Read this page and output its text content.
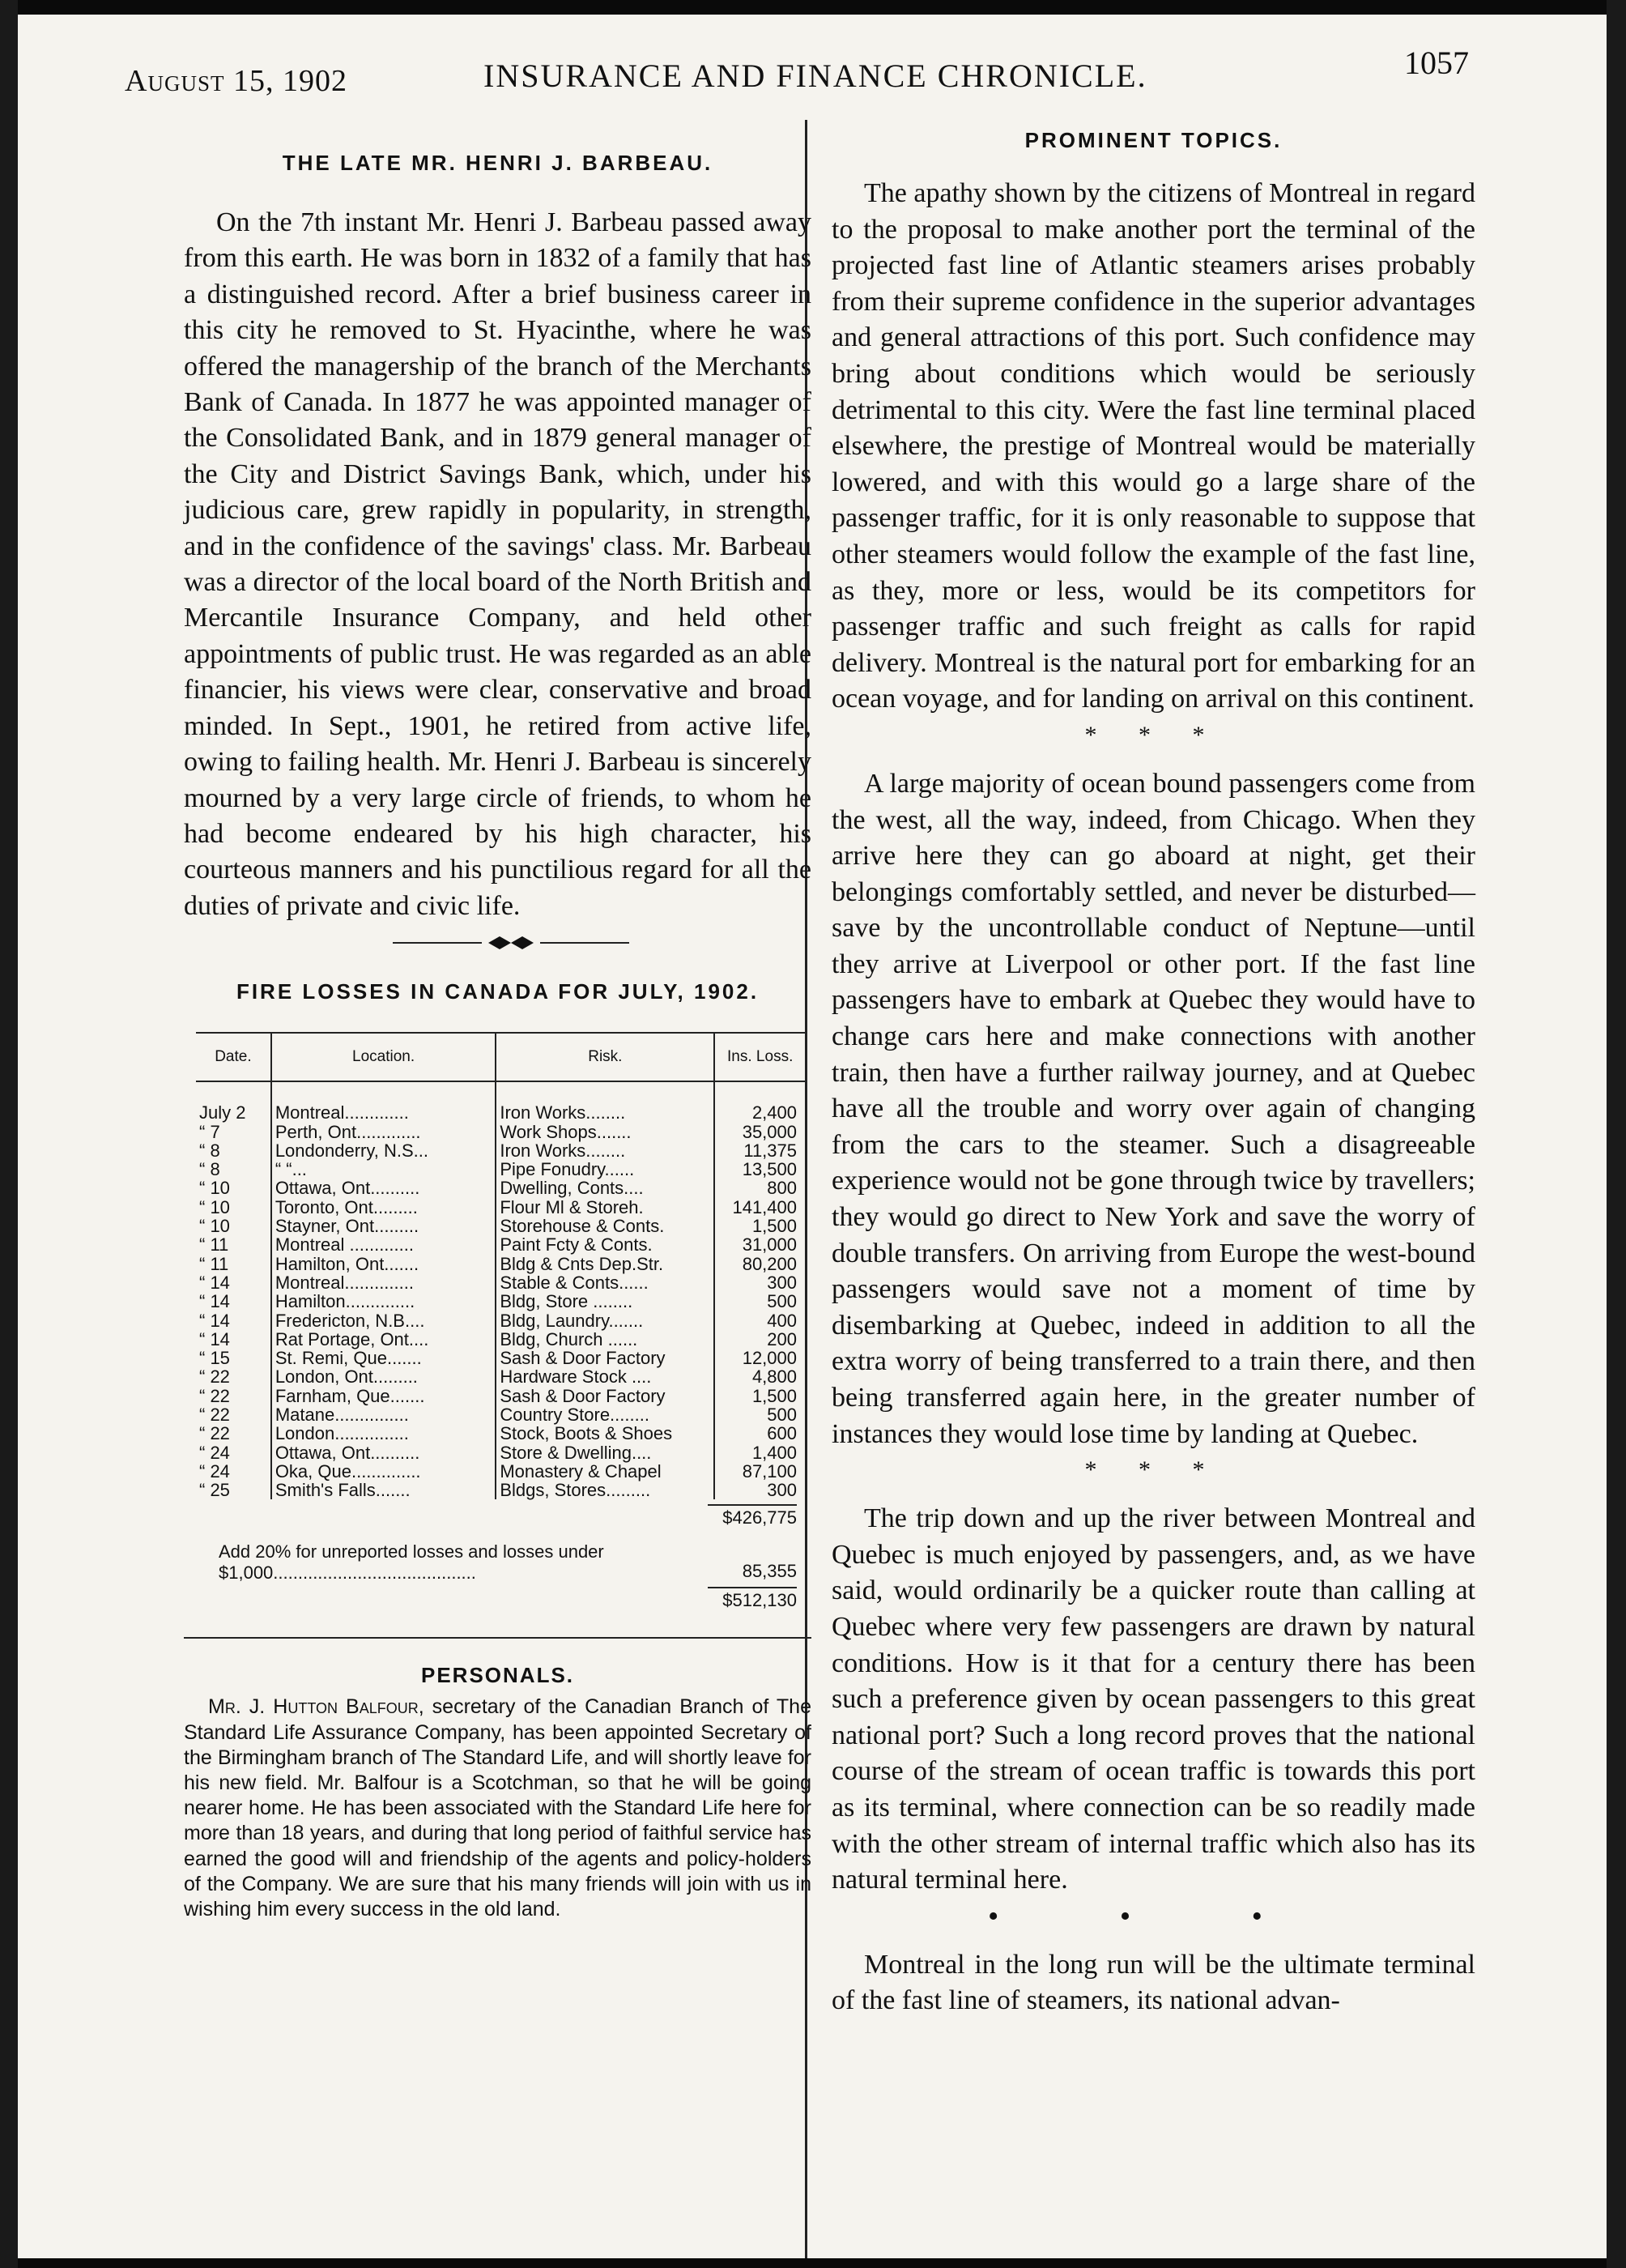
August 15, 1902	INSURANCE AND FINANCE CHRONICLE.	1057
THE LATE MR. HENRI J. BARBEAU.

On the 7th instant Mr. Henri J. Barbeau passed away from this earth. He was born in 1832 of a family that has a distinguished record. After a brief business career in this city he removed to St. Hyacinthe, where he was offered the managership of the branch of the Merchants Bank of Canada. In 1877 he was appointed manager of the Consolidated Bank, and in 1879 general manager of the City and District Savings Bank, which, under his judicious care, grew rapidly in popularity, in strength, and in the confidence of the savings' class. Mr. Barbeau was a director of the local board of the North British and Mercantile Insurance Company, and held other appointments of public trust. He was regarded as an able financier, his views were clear, conservative and broad minded. In Sept., 1901, he retired from active life, owing to failing health. Mr. Henri J. Barbeau is sincerely mourned by a very large circle of friends, to whom he had become endeared by his high character, his courteous manners and his punctilious regard for all the duties of private and civic life.

FIRE LOSSES IN CANADA FOR JULY, 1902.
Date.	Location.	Risk.	Ins. Loss.

July 2	Montreal.............	Iron Works........	2,400
“ 7	Perth, Ont.............	Work Shops.......	35,000
“ 8	Londonderry, N.S...	Iron Works........	11,375
“ 8	“ “...	Pipe Fonudry......	13,500
“ 10	Ottawa, Ont..........	Dwelling, Conts....	800
“ 10	Toronto, Ont.........	Flour Ml & Storeh.	141,400
“ 10	Stayner, Ont.........	Storehouse & Conts.	1,500
“ 11	Montreal .............	Paint Fcty & Conts.	31,000
“ 11	Hamilton, Ont.......	Bldg & Cnts Dep.Str.	80,200
“ 14	Montreal..............	Stable & Conts......	300
“ 14	Hamilton..............	Bldg, Store ........	500
“ 14	Fredericton, N.B....	Bldg, Laundry.......	400
“ 14	Rat Portage, Ont....	Bldg, Church ......	200
“ 15	St. Remi, Que.......	Sash & Door Factory	12,000
“ 22	London, Ont.........	Hardware Stock ....	4,800
“ 22	Farnham, Que.......	Sash & Door Factory	1,500
“ 22	Matane...............	Country Store........	500
“ 22	London...............	Stock, Boots & Shoes	600
“ 24	Ottawa, Ont..........	Store & Dwelling....	1,400
“ 24	Oka, Que..............	Monastery & Chapel	87,100
“ 25	Smith's Falls.......	Bldgs, Stores.........	300
$426,775
Add 20% for unreported losses and losses under $1,000.........................................	85,355
$512,130
PERSONALS.

Mr. J. Hutton Balfour, secretary of the Canadian Branch of The Standard Life Assurance Company, has been appointed Secretary of the Birmingham branch of The Standard Life, and will shortly leave for his new field. Mr. Balfour is a Scotchman, so that he will be going nearer home. He has been associated with the Standard Life here for more than 18 years, and during that long period of faithful service has earned the good will and friendship of the agents and policy-holders of the Company. We are sure that his many friends will join with us in wishing him every success in the old land.

PROMINENT TOPICS.

The apathy shown by the citizens of Montreal in regard to the proposal to make another port the terminal of the projected fast line of Atlantic steamers arises probably from their supreme confidence in the superior advantages and general attractions of this port. Such confidence may bring about conditions which would be seriously detrimental to this city. Were the fast line terminal placed elsewhere, the prestige of Montreal would be materially lowered, and with this would go a large share of the passenger traffic, for it is only reasonable to suppose that other steamers would follow the example of the fast line, as they, more or less, would be its competitors for passenger traffic and such freight as calls for rapid delivery. Montreal is the natural port for embarking for an ocean voyage, and for landing on arrival on this continent.

* * *

A large majority of ocean bound passengers come from the west, all the way, indeed, from Chicago. When they arrive here they can go aboard at night, get their belongings comfortably settled, and never be disturbed—save by the uncontrollable conduct of Neptune—until they arrive at Liverpool or other port. If the fast line passengers have to embark at Quebec they would have to change cars here and make connections with another train, then have a further railway journey, and at Quebec have all the trouble and worry over again of changing from the cars to the steamer. Such a disagreeable experience would not be gone through twice by travellers; they would go direct to New York and save the worry of double transfers. On arriving from Europe the west-bound passengers would save not a moment of time by disembarking at Quebec, indeed in addition to all the extra worry of being transferred to a train there, and then being transferred again here, in the greater number of instances they would lose time by landing at Quebec.

* * *

The trip down and up the river between Montreal and Quebec is much enjoyed by passengers, and, as we have said, would ordinarily be a quicker route than calling at Quebec where very few passengers are drawn by natural conditions. How is it that for a century there has been such a preference given by ocean passengers to this great national port? Such a long record proves that the national course of the stream of ocean traffic is towards this port as its terminal, where connection can be so readily made with the other stream of internal traffic which also has its natural terminal here.

• • •

Montreal in the long run will be the ultimate terminal of the fast line of steamers, its national advan-
